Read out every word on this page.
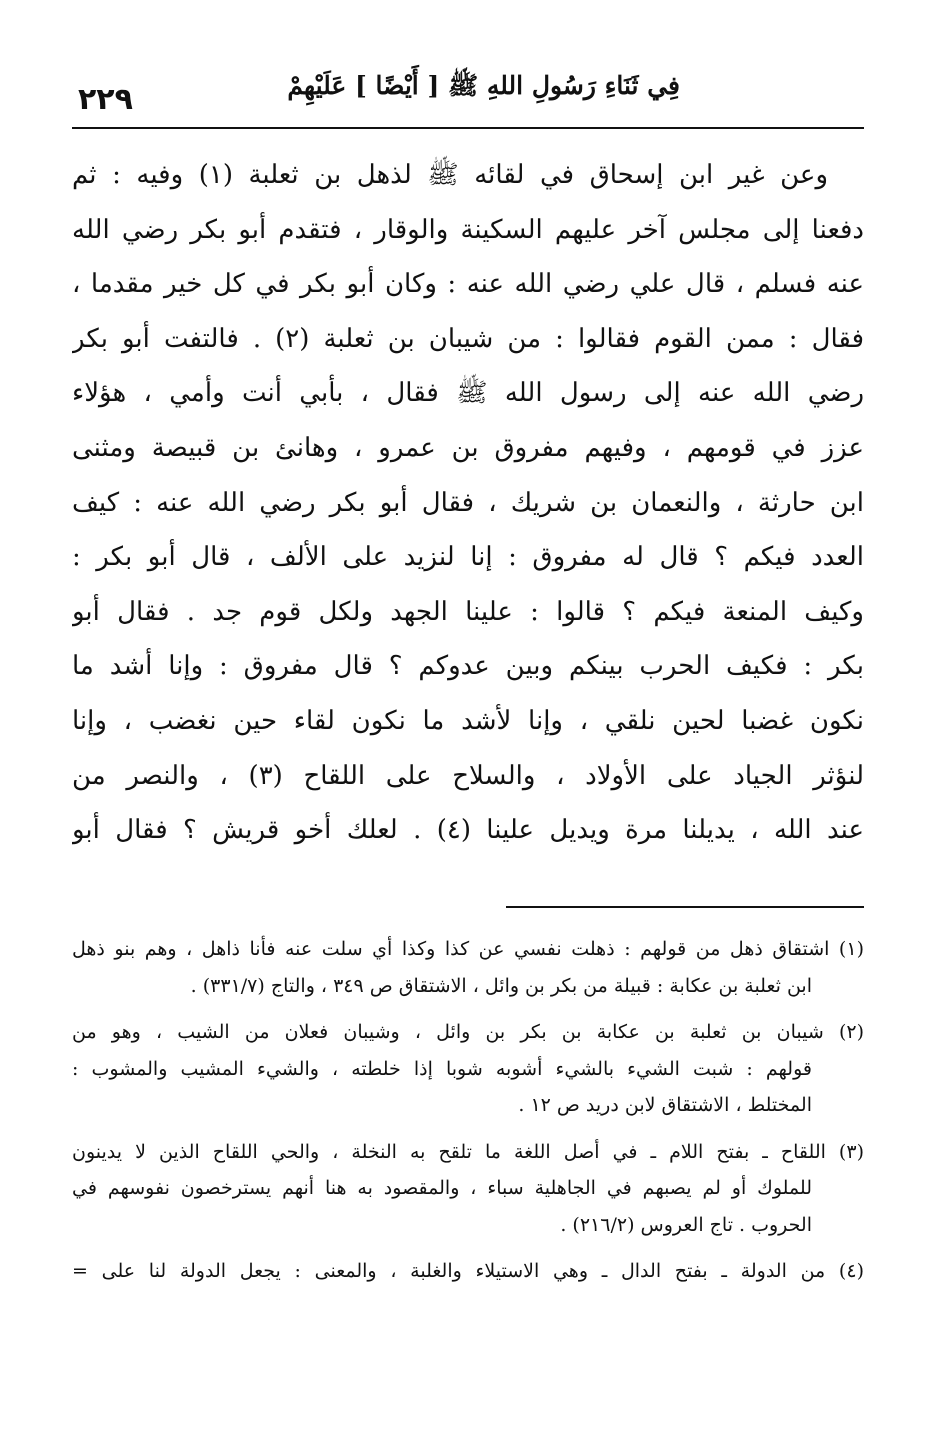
فِي ثَنَاءِ رَسُولِ اللهِ ﷺ [ أَيْضًا ] عَلَيْهِمْ
٢٢٩
وعن غير ابن إسحاق في لقائه ﷺ لذهل بن ثعلبة (١) وفيه : ثم
دفعنا إلى مجلس آخر عليهم السكينة والوقار ، فتقدم أبو بكر رضي الله
عنه فسلم ، قال علي رضي الله عنه : وكان أبو بكر في كل خير مقدما ،
فقال : ممن القوم فقالوا : من شيبان بن ثعلبة (٢) . فالتفت أبو بكر
رضي الله عنه إلى رسول الله ﷺ فقال ، بأبي أنت وأمي ، هؤلاء
عزز في قومهم ، وفيهم مفروق بن عمرو ، وهانئ بن قبيصة ومثنى
ابن حارثة ، والنعمان بن شريك ، فقال أبو بكر رضي الله عنه : كيف
العدد فيكم ؟ قال له مفروق : إنا لنزيد على الألف ، قال أبو بكر :
وكيف المنعة فيكم ؟ قالوا : علينا الجهد ولكل قوم جد . فقال أبو
بكر : فكيف الحرب بينكم وبين عدوكم ؟ قال مفروق : وإنا أشد ما
نكون غضبا لحين نلقي ، وإنا لأشد ما نكون لقاء حين نغضب ، وإنا
لنؤثر الجياد على الأولاد ، والسلاح على اللقاح (٣) ، والنصر من
عند الله ، يديلنا مرة ويديل علينا (٤) . لعلك أخو قريش ؟ فقال أبو
(١) اشتقاق ذهل من قولهم : ذهلت نفسي عن كذا وكذا أي سلت عنه فأنا ذاهل ، وهم بنو ذهل
ابن ثعلبة بن عكابة : قبيلة من بكر بن وائل ، الاشتقاق ص ٣٤٩ ، والتاج (٣٣١/٧) .
(٢) شيبان بن ثعلبة بن عكابة بن بكر بن وائل ، وشيبان فعلان من الشيب ، وهو من
قولهم : شبت الشيء بالشيء أشوبه شوبا إذا خلطته ، والشيء المشيب والمشوب :
المختلط ، الاشتقاق لابن دريد ص ١٢ .
(٣) اللقاح ـ بفتح اللام ـ في أصل اللغة ما تلقح به النخلة ، والحي اللقاح الذين لا يدينون
للملوك أو لم يصبهم في الجاهلية سباء ، والمقصود به هنا أنهم يسترخصون نفوسهم في
الحروب . تاج العروس (٢١٦/٢) .
(٤) من الدولة ـ بفتح الدال ـ وهي الاستيلاء والغلبة ، والمعنى : يجعل الدولة لنا على =
